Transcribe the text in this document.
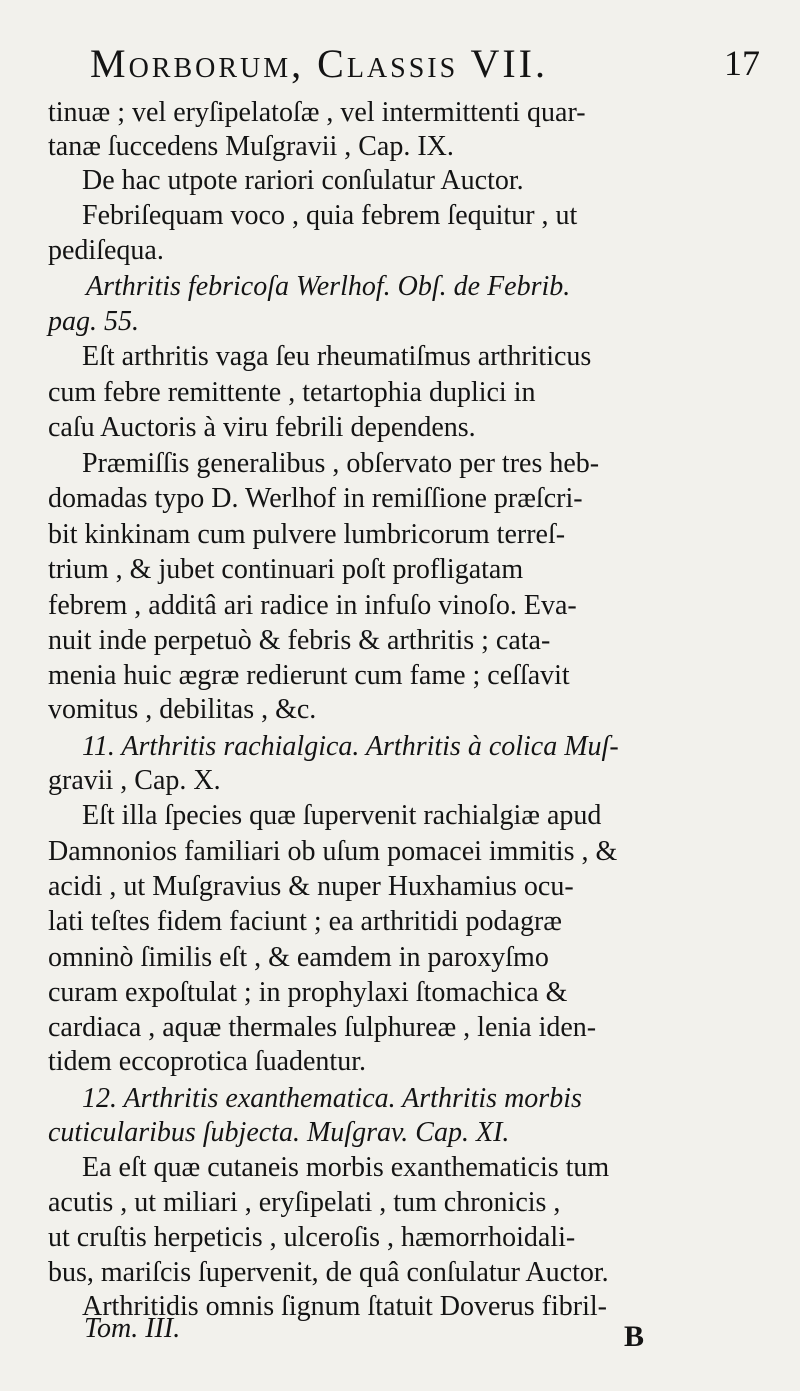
Morborum, Classis VII.	17
tinuæ ; vel eryſipelatoſæ , vel intermittenti quar-
tanæ ſuccedens Muſgravii , Cap. IX.
De hac utpote rariori conſulatur Auctor.
Febriſequam voco , quia febrem ſequitur , ut
pediſequa.
Arthritis febricoſa Werlhof. Obſ. de Febrib.
pag. 55.
Eſt arthritis vaga ſeu rheumatiſmus arthriticus
cum febre remittente , tetartophia duplici in
caſu Auctoris à viru febrili dependens.
Præmiſſis generalibus , obſervato per tres heb-
domadas typo D. Werlhof in remiſſione præſcri-
bit kinkinam cum pulvere lumbricorum terreſ-
trium , & jubet continuari poſt profligatam
febrem , additâ ari radice in infuſo vinoſo. Eva-
nuit inde perpetuò & febris & arthritis ; cata-
menia huic ægræ redierunt cum fame ; ceſſavit
vomitus , debilitas , &c.
11. Arthritis rachialgica. Arthritis à colica Muſ-
gravii , Cap. X.
Eſt illa ſpecies quæ ſupervenit rachialgiæ apud
Damnonios familiari ob uſum pomacei immitis , &
acidi , ut Muſgravius & nuper Huxhamius ocu-
lati teſtes fidem faciunt ; ea arthritidi podagræ
omninò ſimilis eſt , & eamdem in paroxyſmo
curam expoſtulat ; in prophylaxi ſtomachica &
cardiaca , aquæ thermales ſulphureæ , lenia iden-
tidem eccoprotica ſuadentur.
12. Arthritis exanthematica. Arthritis morbis
cuticularibus ſubjecta. Muſgrav. Cap. XI.
Ea eſt quæ cutaneis morbis exanthematicis tum
acutis , ut miliari , eryſipelati , tum chronicis ,
ut cruſtis herpeticis , ulceroſis , hæmorrhoidali-
bus, mariſcis ſupervenit, de quâ conſulatur Auctor.
Arthritidis omnis ſignum ſtatuit Doverus fibril-
Tom. III.	B
